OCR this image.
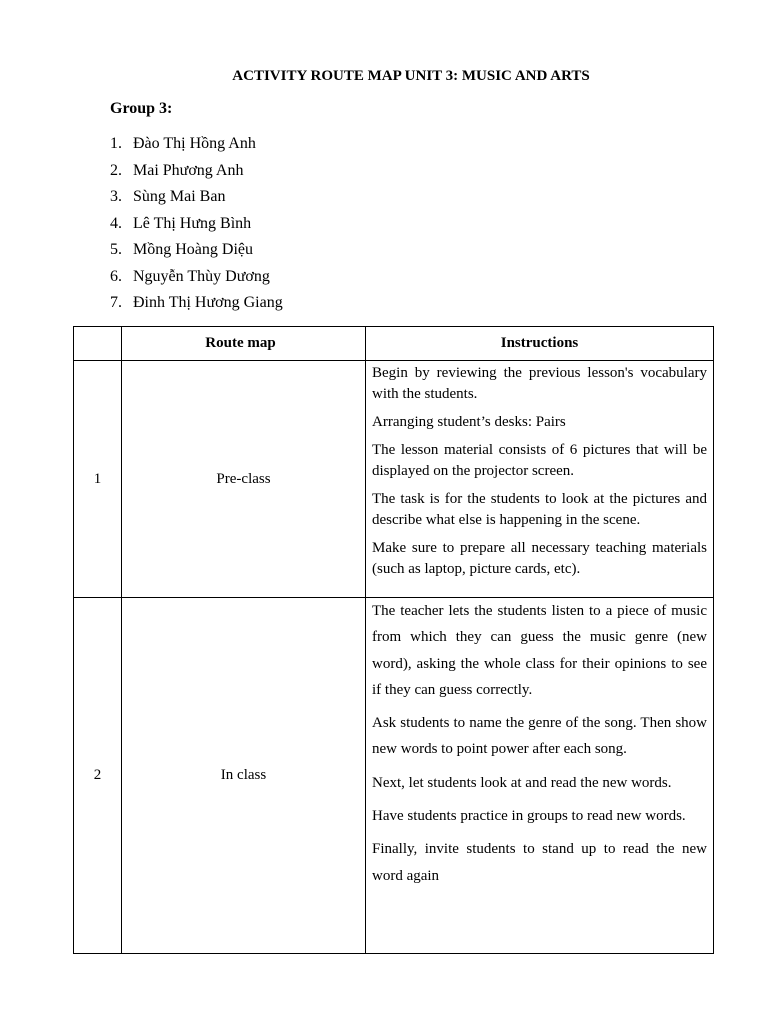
ACTIVITY ROUTE MAP UNIT 3: MUSIC AND ARTS
Group 3:
1. Đào Thị Hồng Anh
2. Mai Phương Anh
3. Sùng Mai Ban
4. Lê Thị Hưng Bình
5. Mồng Hoàng Diệu
6. Nguyễn Thùy Dương
7. Đinh Thị Hương Giang
	Route map	Instructions
1	Pre-class	Begin by reviewing the previous lesson's vocabulary with the students.

Arranging student’s desks: Pairs

The lesson material consists of 6 pictures that will be displayed on the projector screen.

The task is for the students to look at the pictures and describe what else is happening in the scene.

Make sure to prepare all necessary teaching materials (such as laptop, picture cards, etc).

2	In class	The teacher lets the students listen to a piece of music from which they can guess the music genre (new word), asking the whole class for their opinions to see if they can guess correctly.

Ask students to name the genre of the song. Then show new words to point power after each song.

Next, let students look at and read the new words.

Have students practice in groups to read new words.

Finally, invite students to stand up to read the new word again
